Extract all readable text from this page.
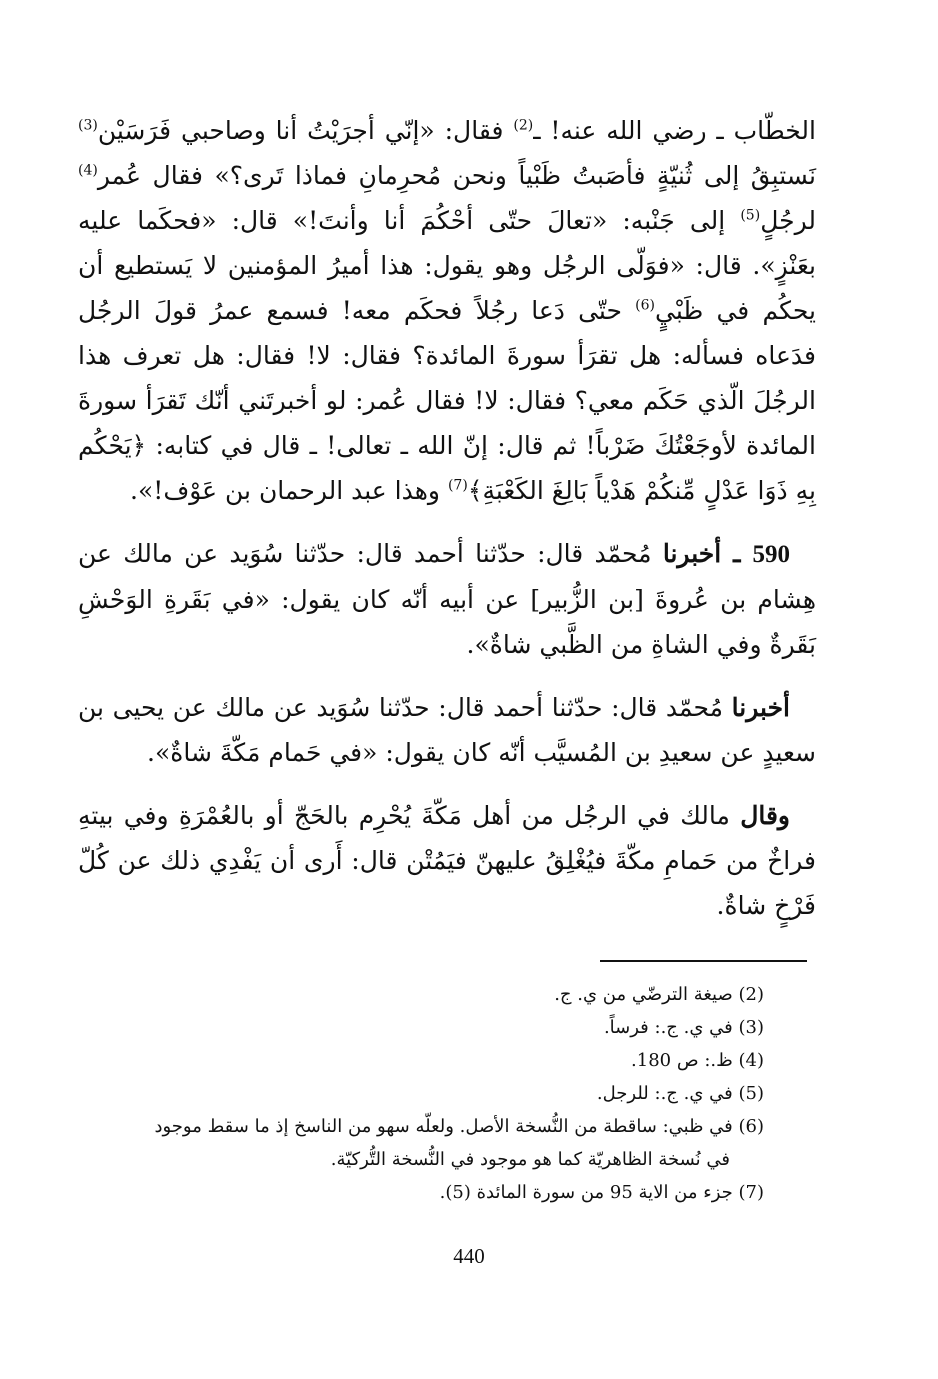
الخطّاب ـ رضي الله عنه! ـ$^{(2)}$ فقال: «إنّي أجرَيْتُ أنا وصاحبي فَرَسَيْن$^{(3)}$ نَستبِقُ إلى ثُنيّةٍ فأصَبتُ ظَبْياً ونحن مُحرِمانِ فماذا تَرى؟» فقال عُمر$^{(4)}$ لرجُلٍ$^{(5)}$ إلى جَنْبه: «تعالَ حتّى أحْكُمَ أنا وأنتَ!» قال: «فحكَما عليه بعَنْزٍ». قال: «فوَلّى الرجُل وهو يقول: هذا أميرُ المؤمنين لا يَستطيع أن يحكُم في ظَبْيٍ$^{(6)}$ حتّى دَعا رجُلاً فحكَم معه! فسمع عمرُ قولَ الرجُل فدَعاه فسأله: هل تقرَأ سورةَ المائدة؟ فقال: لا! فقال: هل تعرف هذا الرجُلَ الّذي حَكَم معي؟ فقال: لا! فقال عُمر: لو أخبرتَني أنّك تَقرَأ سورةَ المائدة لأوجَعْتُكَ ضَرْباً! ثم قال: إنّ الله ـ تعالى! ـ قال في كتابه: ﴿يَحْكُم بِهِ ذَوَا عَدْلٍ مِّنكُمْ هَدْياً بَالِغَ الكَعْبَةِ﴾$^{(7)}$ وهذا عبد الرحمان بن عَوْف!».

590 ـ أخبرنا مُحمّد قال: حدّثنا أحمد قال: حدّثنا سُوَيد عن مالك عن هِشام بن عُروةَ [بن الزُّبير] عن أبيه أنّه كان يقول: «في بَقَرةِ الوَحْشِ بَقَرةٌ وفي الشاةِ من الظَّبي شاةٌ».

أخبرنا مُحمّد قال: حدّثنا أحمد قال: حدّثنا سُوَيد عن مالك عن يحيى بن سعيدٍ عن سعيدِ بن المُسيَّب أنّه كان يقول: «في حَمام مَكّةَ شاةٌ».

وقال مالك في الرجُل من أهل مَكّةَ يُحْرِم بالحَجّ أو بالعُمْرَةِ وفي بيتهِ فراخٌ من حَمامِ مكّةَ فيُغْلِقُ عليهنّ فيَمُتْن قال: أَرى أن يَفْدِي ذلك عن كُلّ فَرْخٍ شاةٌ.

(2) صيغة الترضّي من ي. ج.

(3) في ي. ج.: فرساً.

(4) ظ.: ص 180.

(5) في ي. ج.: للرجل.

(6) في ظبي: ساقطة من النُّسخة الأصل. ولعلّه سهو من الناسخ إذ ما سقط موجود

في نُسخة الظاهريّة كما هو موجود في النُّسخة التُّركيّة.

(7) جزء من الاية 95 من سورة المائدة (5).

440
